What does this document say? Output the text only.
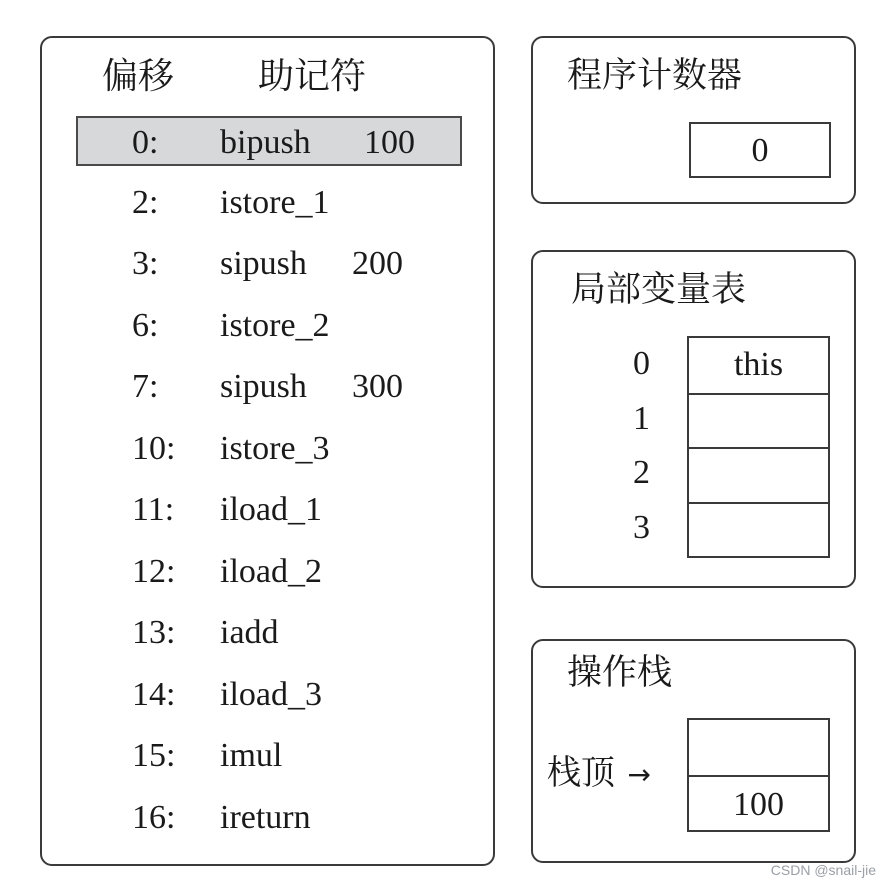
偏移 助记符
0: bipush 100
2: istore_1
3: sipush 200
6: istore_2
7: sipush 300
10: istore_3
11: iload_1
12: iload_2
13: iadd
14: iload_3
15: imul
16: ireturn
程序计数器
0
局部变量表
0
1
2
3
this
操作栈
栈顶 →
100
CSDN @snail-jie
